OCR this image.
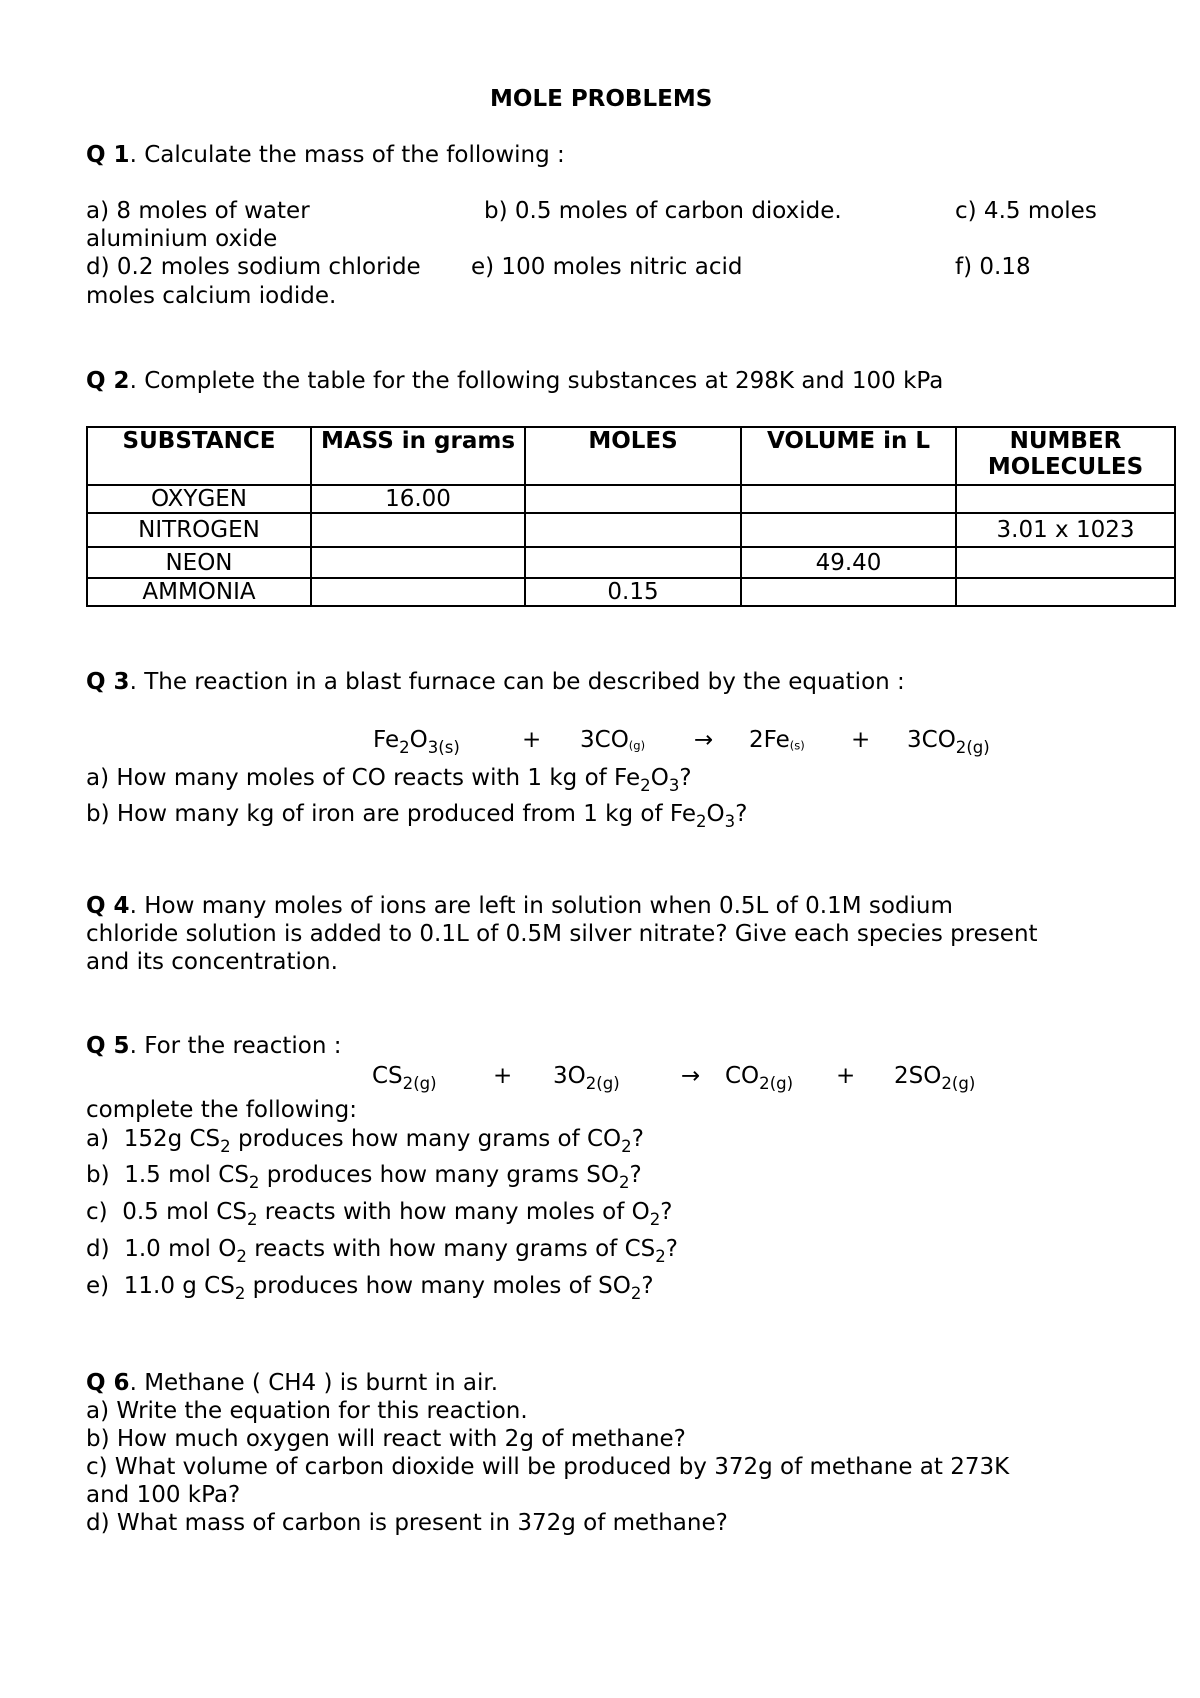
MOLE PROBLEMS
Q 1. Calculate the mass of the following :
a) 8 moles of water	b) 0.5 moles of carbon dioxide.	c) 4.5 moles
aluminium oxide
d) 0.2 moles sodium chloride e) 100 moles nitric acid	f) 0.18
moles calcium iodide.
Q 2. Complete the table for the following substances at 298K and 100 kPa
SUBSTANCE	MASS in grams	MOLES	VOLUME in L	NUMBER MOLECULES
OXYGEN	16.00			
NITROGEN				3.01 x 1023
NEON			49.40	
AMMONIA		0.15		
Q 3. The reaction in a blast furnace can be described by the equation :
$Fe_2O_{3(s)}$	+ $3CO_{(g)} \to 2Fe_{(s)} + 3CO_{2(g)}$
a) How many moles of CO reacts with 1 kg of $Fe_2O_3$?
b) How many kg of iron are produced from 1 kg of $Fe_2O_3$?
Q 4. How many moles of ions are left in solution when 0.5L of 0.1M sodium
chloride solution is added to 0.1L of 0.5M silver nitrate? Give each species present
and its concentration.
Q 5. For the reaction :
$CS_{2(g)} + 3O_{2(g)}$	→ $CO_{2(g)} + 2SO_{2(g)}$
complete the following:
a)  152g $CS_2$ produces how many grams of $CO_2$?
b)  1.5 mol $CS_2$ produces how many grams $SO_2$?
c)  0.5 mol $CS_2$ reacts with how many moles of $O_2$?
d)  1.0 mol $O_2$ reacts with how many grams of $CS_2$?
e)  11.0 g $CS_2$ produces how many moles of $SO_2$?
Q 6. Methane ( CH4 ) is burnt in air.
a) Write the equation for this reaction.
b) How much oxygen will react with 2g of methane?
c) What volume of carbon dioxide will be produced by 372g of methane at 273K
and 100 kPa?
d) What mass of carbon is present in 372g of methane?
